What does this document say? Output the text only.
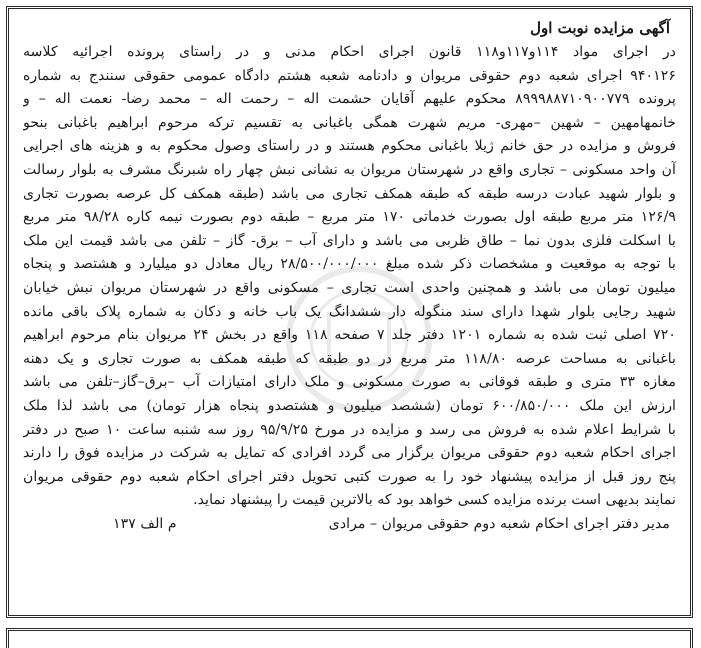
آگهی مزایده نوبت اول
در اجرای مواد ۱۱۴و۱۱۷و۱۱۸ قانون اجرای احکام مدنی و در راستای پرونده اجرائیه کلاسه
۹۴۰۱۲۶ اجرای شعبه دوم حقوقی مریوان و دادنامه شعبه هشتم دادگاه عمومی حقوقی سنندج به شماره
پرونده ۸۹۹۹۸۸۷۱۰۹۰۰۷۷۹ محکوم علیهم آقایان حشمت اله – رحمت اله – محمد رضا- نعمت اله – و
خانمهامهین – شهین –مهری- مریم شهرت همگی باغبانی به تقسیم ترکه مرحوم ابراهیم باغبانی بنحو
فروش و مزایده در حق خانم ژیلا باغبانی محکوم هستند و در راستای وصول محکوم به و هزینه های اجرایی
آن واحد مسکونی – تجاری واقع در شهرستان مریوان به نشانی نبش چهار راه شبرنگ مشرف به بلوار رسالت
و بلوار شهید عبادت درسه طبقه که طبقه همکف تجاری می باشد (طبقه همکف کل عرصه بصورت تجاری
۱۲۶/۹ متر مربع طبقه اول بصورت خدماتی ۱۷۰ متر مربع – طبقه دوم بصورت نیمه کاره ۹۸/۲۸ متر مربع
با اسکلت فلزی بدون نما – طاق ظربی می باشد و دارای آب – برق- گاز – تلفن می باشد قیمت این ملک
با توجه به موقعیت و مشخصات ذکر شده مبلغ ۲۸/۵۰۰/۰۰۰/۰۰۰ ریال معادل دو میلیارد و هشتصد و پنجاه
میلیون تومان می باشد و همچنین واحدی است تجاری – مسکونی واقع در شهرستان مریوان نبش خیابان
شهید رجایی بلوار شهدا دارای سند منگوله دار ششدانگ یک باب خانه و دکان به شماره پلاک باقی مانده
۷۲۰ اصلی ثبت شده به شماره ۱۲۰۱ دفتر جلد ۷ صفحه ۱۱۸ واقع در بخش ۲۴ مریوان بنام مرحوم ابراهیم
باغبانی به مساحت عرصه ۱۱۸/۸۰ متر مربع در دو طبقه که طبقه همکف به صورت تجاری و یک دهنه
مغازه ۳۳ متری و طبقه فوقانی به صورت مسکونی و ملک دارای امتیازات آب –برق–گاز–تلفن می باشد
ارزش این ملک ۶۰۰/۸۵۰/۰۰۰ تومان (ششصد میلیون و هشتصدو پنجاه هزار تومان) می باشد لذا ملک
با شرایط اعلام شده به فروش می رسد و مزایده در مورخ ۹۵/۹/۲۵ روز سه شنبه ساعت ۱۰ صبح در دفتر
اجرای احکام شعبه دوم حقوقی مریوان برگزار می گردد افرادی که تمایل به شرکت در مزایده فوق را دارند
پنج روز قبل از مزایده پیشنهاد خود را به صورت کتبی تحویل دفتر اجرای احکام شعبه دوم حقوقی مریوان
نمایند بدیهی است برنده مزایده کسی خواهد بود که بالاترین قیمت را پیشنهاد نماید.
مدیر دفتر اجرای احکام شعبه دوم حقوقی مریوان – مرادی
م الف ۱۳۷
